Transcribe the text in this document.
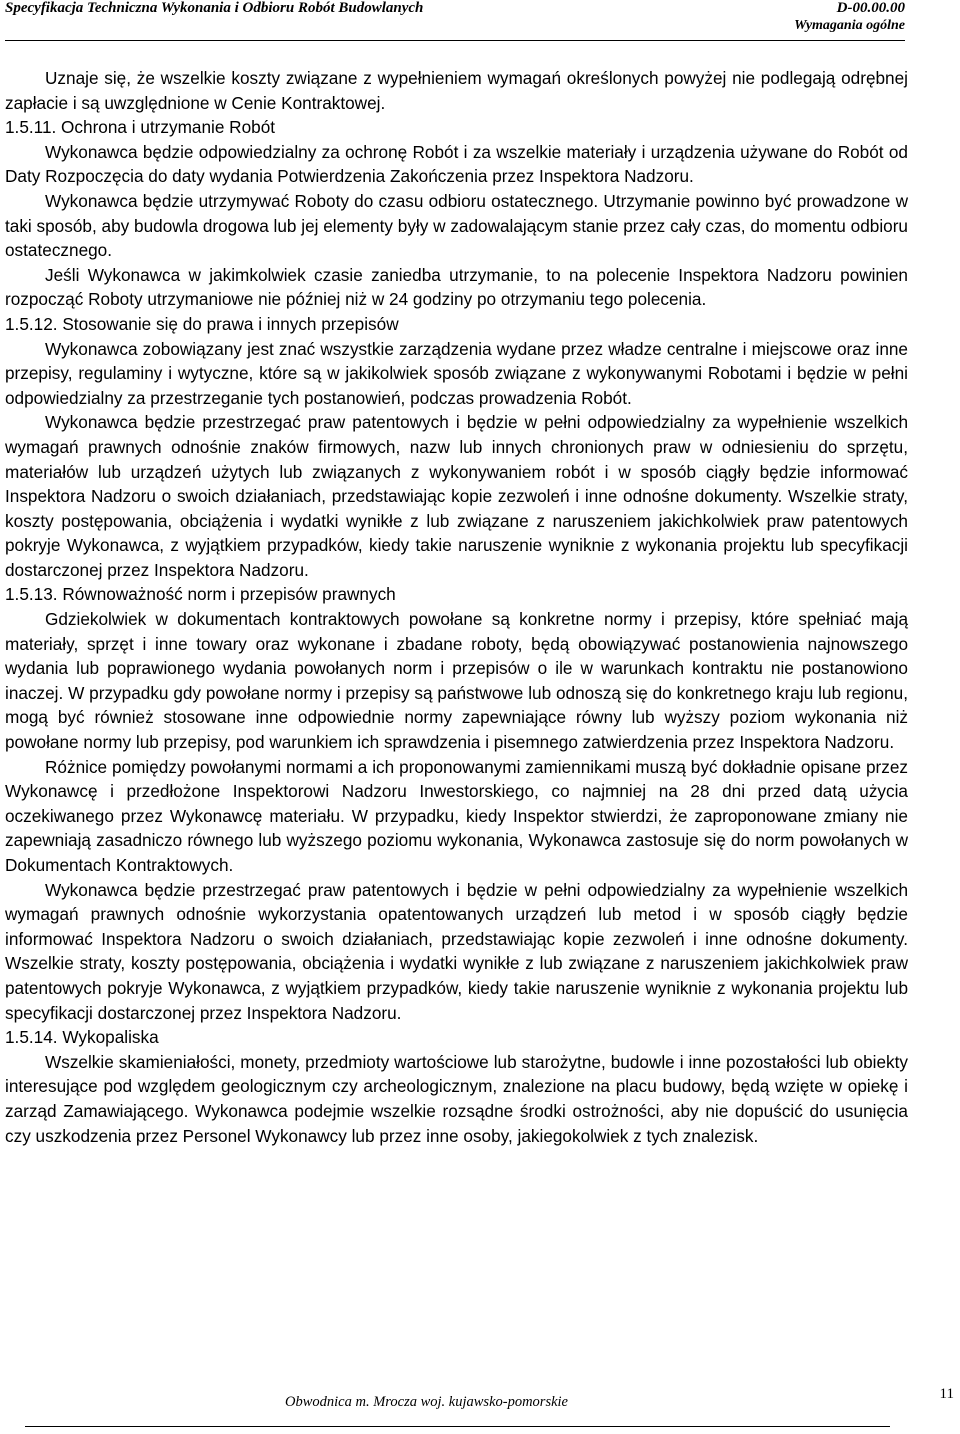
Specyfikacja Techniczna Wykonania i Odbioru Robót Budowlanych	D-00.00.00
Wymagania ogólne

Uznaje się, że wszelkie koszty związane z wypełnieniem wymagań określonych powyżej nie podlegają odrębnej zapłacie i są uwzględnione w Cenie Kontraktowej.

1.5.11. Ochrona i utrzymanie Robót

Wykonawca będzie odpowiedzialny za ochronę Robót i za wszelkie materiały i urządzenia używane do Robót od Daty Rozpoczęcia do daty wydania Potwierdzenia Zakończenia przez Inspektora Nadzoru.

Wykonawca będzie utrzymywać Roboty do czasu odbioru ostatecznego. Utrzymanie powinno być prowadzone w taki sposób, aby budowla drogowa lub jej elementy były w zadowalającym stanie przez cały czas, do momentu odbioru ostatecznego.

Jeśli Wykonawca w jakimkolwiek czasie zaniedba utrzymanie, to na polecenie Inspektora Nadzoru powinien rozpocząć Roboty utrzymaniowe nie później niż w 24 godziny po otrzymaniu tego polecenia.

1.5.12. Stosowanie się do prawa i innych przepisów

Wykonawca zobowiązany jest znać wszystkie zarządzenia wydane przez władze centralne i miejscowe oraz inne przepisy, regulaminy i wytyczne, które są w jakikolwiek sposób związane z wykonywanymi Robotami i będzie w pełni odpowiedzialny za przestrzeganie tych postanowień, podczas prowadzenia Robót.

Wykonawca będzie przestrzegać praw patentowych i będzie w pełni odpowiedzialny za wypełnienie wszelkich wymagań prawnych odnośnie znaków firmowych, nazw lub innych chronionych praw w odniesieniu do sprzętu, materiałów lub urządzeń użytych lub związanych z wykonywaniem robót i w sposób ciągły będzie informować Inspektora Nadzoru o swoich działaniach, przedstawiając kopie zezwoleń i inne odnośne dokumenty. Wszelkie straty, koszty postępowania, obciążenia i wydatki wynikłe z lub związane z naruszeniem jakichkolwiek praw patentowych pokryje Wykonawca, z wyjątkiem przypadków, kiedy takie naruszenie wyniknie z wykonania projektu lub specyfikacji dostarczonej przez Inspektora Nadzoru.

1.5.13. Równoważność norm i przepisów prawnych

Gdziekolwiek w dokumentach kontraktowych powołane są konkretne normy i przepisy, które spełniać mają materiały, sprzęt i inne towary oraz wykonane i zbadane roboty, będą obowiązywać postanowienia najnowszego wydania lub poprawionego wydania powołanych norm i przepisów o ile w warunkach kontraktu nie postanowiono inaczej. W przypadku gdy powołane normy i przepisy są państwowe lub odnoszą się do konkretnego kraju lub regionu, mogą być również stosowane inne odpowiednie normy zapewniające równy lub wyższy poziom wykonania niż powołane normy lub przepisy, pod warunkiem ich sprawdzenia i pisemnego zatwierdzenia przez Inspektora Nadzoru.

Różnice pomiędzy powołanymi normami a ich proponowanymi zamiennikami muszą być dokładnie opisane przez Wykonawcę i przedłożone Inspektorowi Nadzoru Inwestorskiego, co najmniej na 28 dni przed datą użycia oczekiwanego przez Wykonawcę materiału. W przypadku, kiedy Inspektor stwierdzi, że zaproponowane zmiany nie zapewniają zasadniczo równego lub wyższego poziomu wykonania, Wykonawca zastosuje się do norm powołanych w Dokumentach Kontraktowych.

Wykonawca będzie przestrzegać praw patentowych i będzie w pełni odpowiedzialny za wypełnienie wszelkich wymagań prawnych odnośnie wykorzystania opatentowanych urządzeń lub metod i w sposób ciągły będzie informować Inspektora Nadzoru o swoich działaniach, przedstawiając kopie zezwoleń i inne odnośne dokumenty. Wszelkie straty, koszty postępowania, obciążenia i wydatki wynikłe z lub związane z naruszeniem jakichkolwiek praw patentowych pokryje Wykonawca, z wyjątkiem przypadków, kiedy takie naruszenie wyniknie z wykonania projektu lub specyfikacji dostarczonej przez Inspektora Nadzoru.

1.5.14. Wykopaliska

Wszelkie skamieniałości, monety, przedmioty wartościowe lub starożytne, budowle i inne pozostałości lub obiekty interesujące pod względem geologicznym czy archeologicznym, znalezione na placu budowy, będą wzięte w opiekę i zarząd Zamawiającego. Wykonawca podejmie wszelkie rozsądne środki ostrożności, aby nie dopuścić do usunięcia czy uszkodzenia przez Personel Wykonawcy lub przez inne osoby, jakiegokolwiek z tych znalezisk.

Obwodnica m. Mrocza woj. kujawsko-pomorskie	11
